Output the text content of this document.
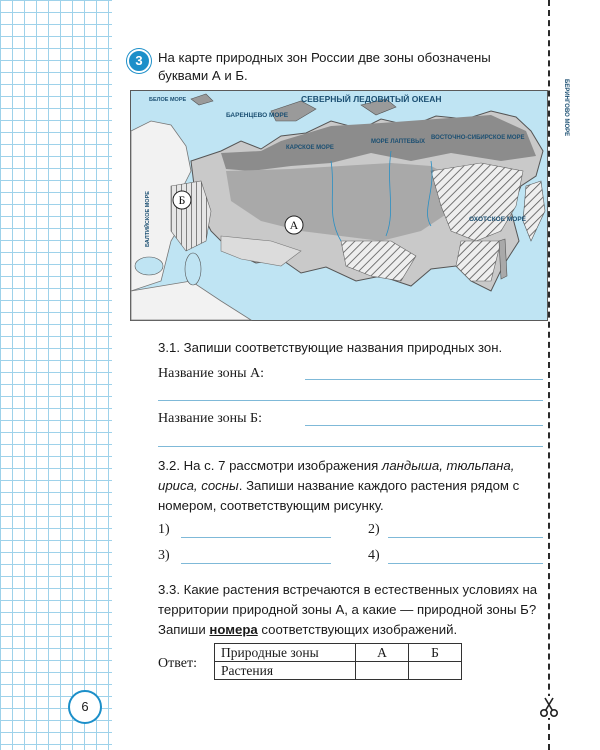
3	На карте природных зон России две зоны обозначены буквами А и Б.
СЕВЕРНЫЙ ЛЕДОВИТЫЙ ОКЕАН
БАРЕНЦЕВО МОРЕ
КАРСКОЕ МОРЕ
МОРЕ ЛАПТЕВЫХ
ВОСТОЧНО-СИБИРСКОЕ МОРЕ
БЕРИНГОВО МОРЕ
ОХОТСКОЕ МОРЕ
БЕЛОЕ МОРЕ
БАЛТИЙСКОЕ МОРЕ Б
А
3.1. Запиши соответствующие названия природных зон.
Название зоны А:
Название зоны Б:
3.2. На с. 7 рассмотри изображения ландыша, тюльпана, ириса, сосны. Запиши название каждого растения рядом с номером, соответствующим рисунку.
1)	2)
3)	4)
3.3. Какие растения встречаются в естественных условиях на территории природной зоны А, а какие — природной зоны Б? Запиши номера соответствующих изображений.
Ответ:
Природные зоны	А	Б
Растения		
6
